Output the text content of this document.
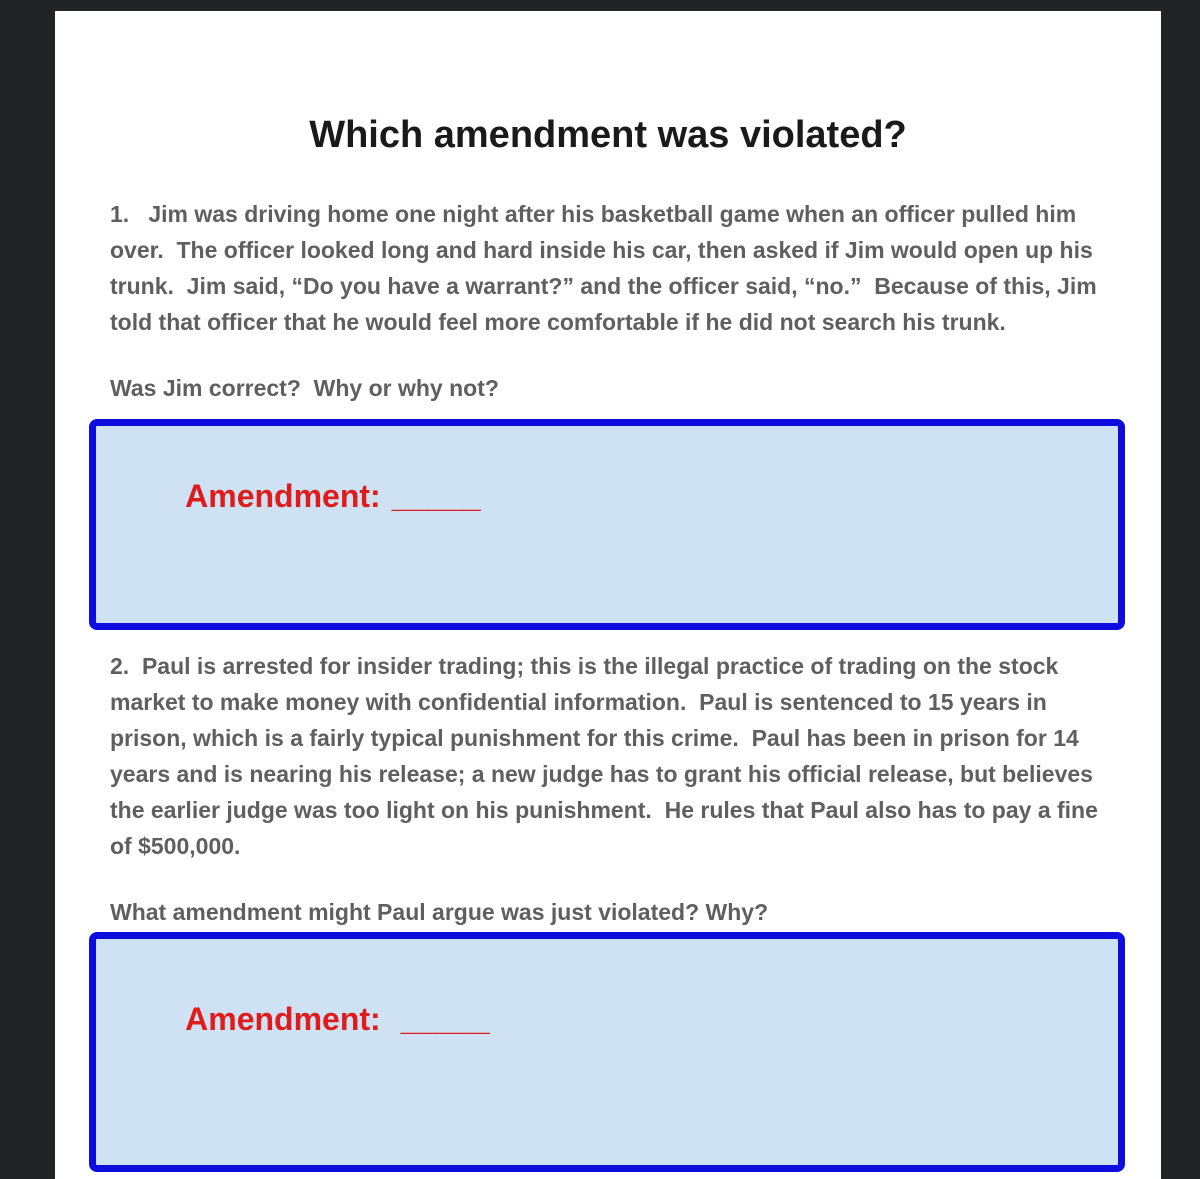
Which amendment was violated?

1.   Jim was driving home one night after his basketball game when an officer pulled him over.  The officer looked long and hard inside his car, then asked if Jim would open up his trunk.  Jim said, “Do you have a warrant?” and the officer said, “no.”  Because of this, Jim told that officer that he would feel more comfortable if he did not search his trunk.

Was Jim correct?  Why or why not?

Amendment: _____

2.  Paul is arrested for insider trading; this is the illegal practice of trading on the stock market to make money with confidential information.  Paul is sentenced to 15 years in prison, which is a fairly typical punishment for this crime.  Paul has been in prison for 14 years and is nearing his release; a new judge has to grant his official release, but believes the earlier judge was too light on his punishment.  He rules that Paul also has to pay a fine of $500,000.

What amendment might Paul argue was just violated? Why?

Amendment: _____
